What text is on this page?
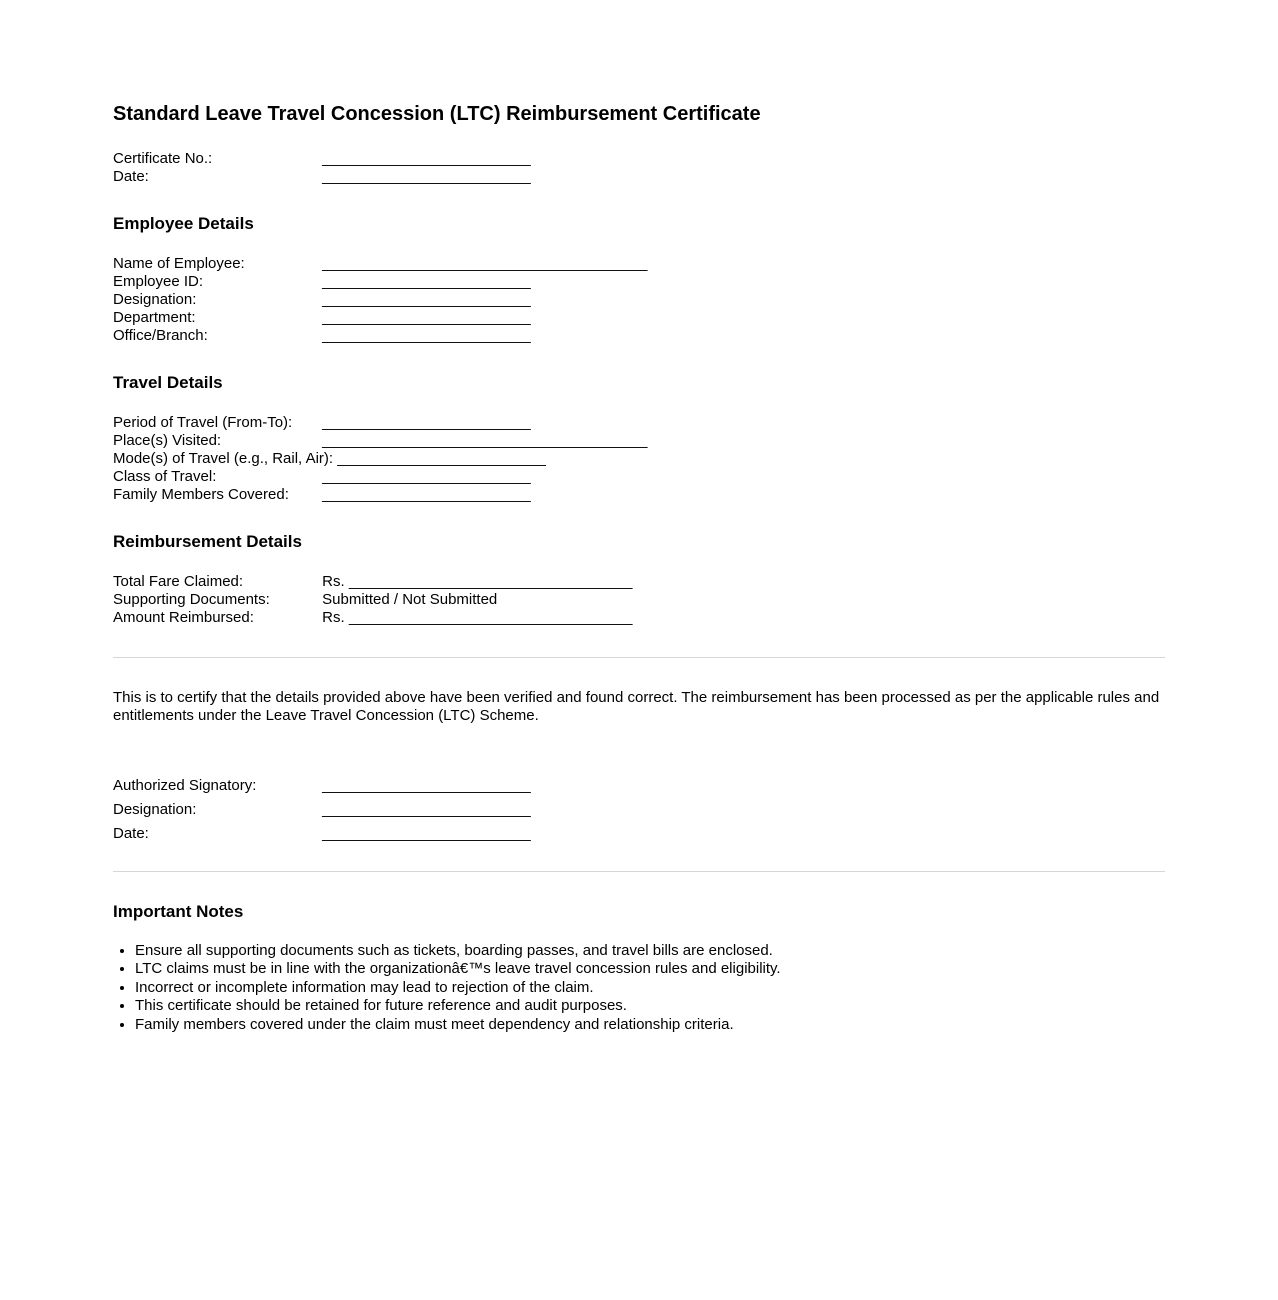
Standard Leave Travel Concession (LTC) Reimbursement Certificate
Certificate No.:	_________________________
Date:	_________________________
Employee Details
Name of Employee:	_______________________________________
Employee ID:	_________________________
Designation:	_________________________
Department:	_________________________
Office/Branch:	_________________________
Travel Details
Period of Travel (From-To): _________________________
Place(s) Visited:	_______________________________________
Mode(s) of Travel (e.g., Rail, Air): _________________________
Class of Travel:	_________________________
Family Members Covered: _________________________
Reimbursement Details
Total Fare Claimed:	Rs. __________________________________
Supporting Documents:	Submitted / Not Submitted
Amount Reimbursed:	Rs. __________________________________

This is to certify that the details provided above have been verified and found correct. The reimbursement has been processed as per the applicable rules and entitlements under the Leave Travel Concession (LTC) Scheme.

Authorized Signatory:	_________________________
Designation:	_________________________
Date:	_________________________
Important Notes
• Ensure all supporting documents such as tickets, boarding passes, and travel bills are enclosed.
• LTC claims must be in line with the organizationâ€™s leave travel concession rules and eligibility.
• Incorrect or incomplete information may lead to rejection of the claim.
• This certificate should be retained for future reference and audit purposes.
• Family members covered under the claim must meet dependency and relationship criteria.
